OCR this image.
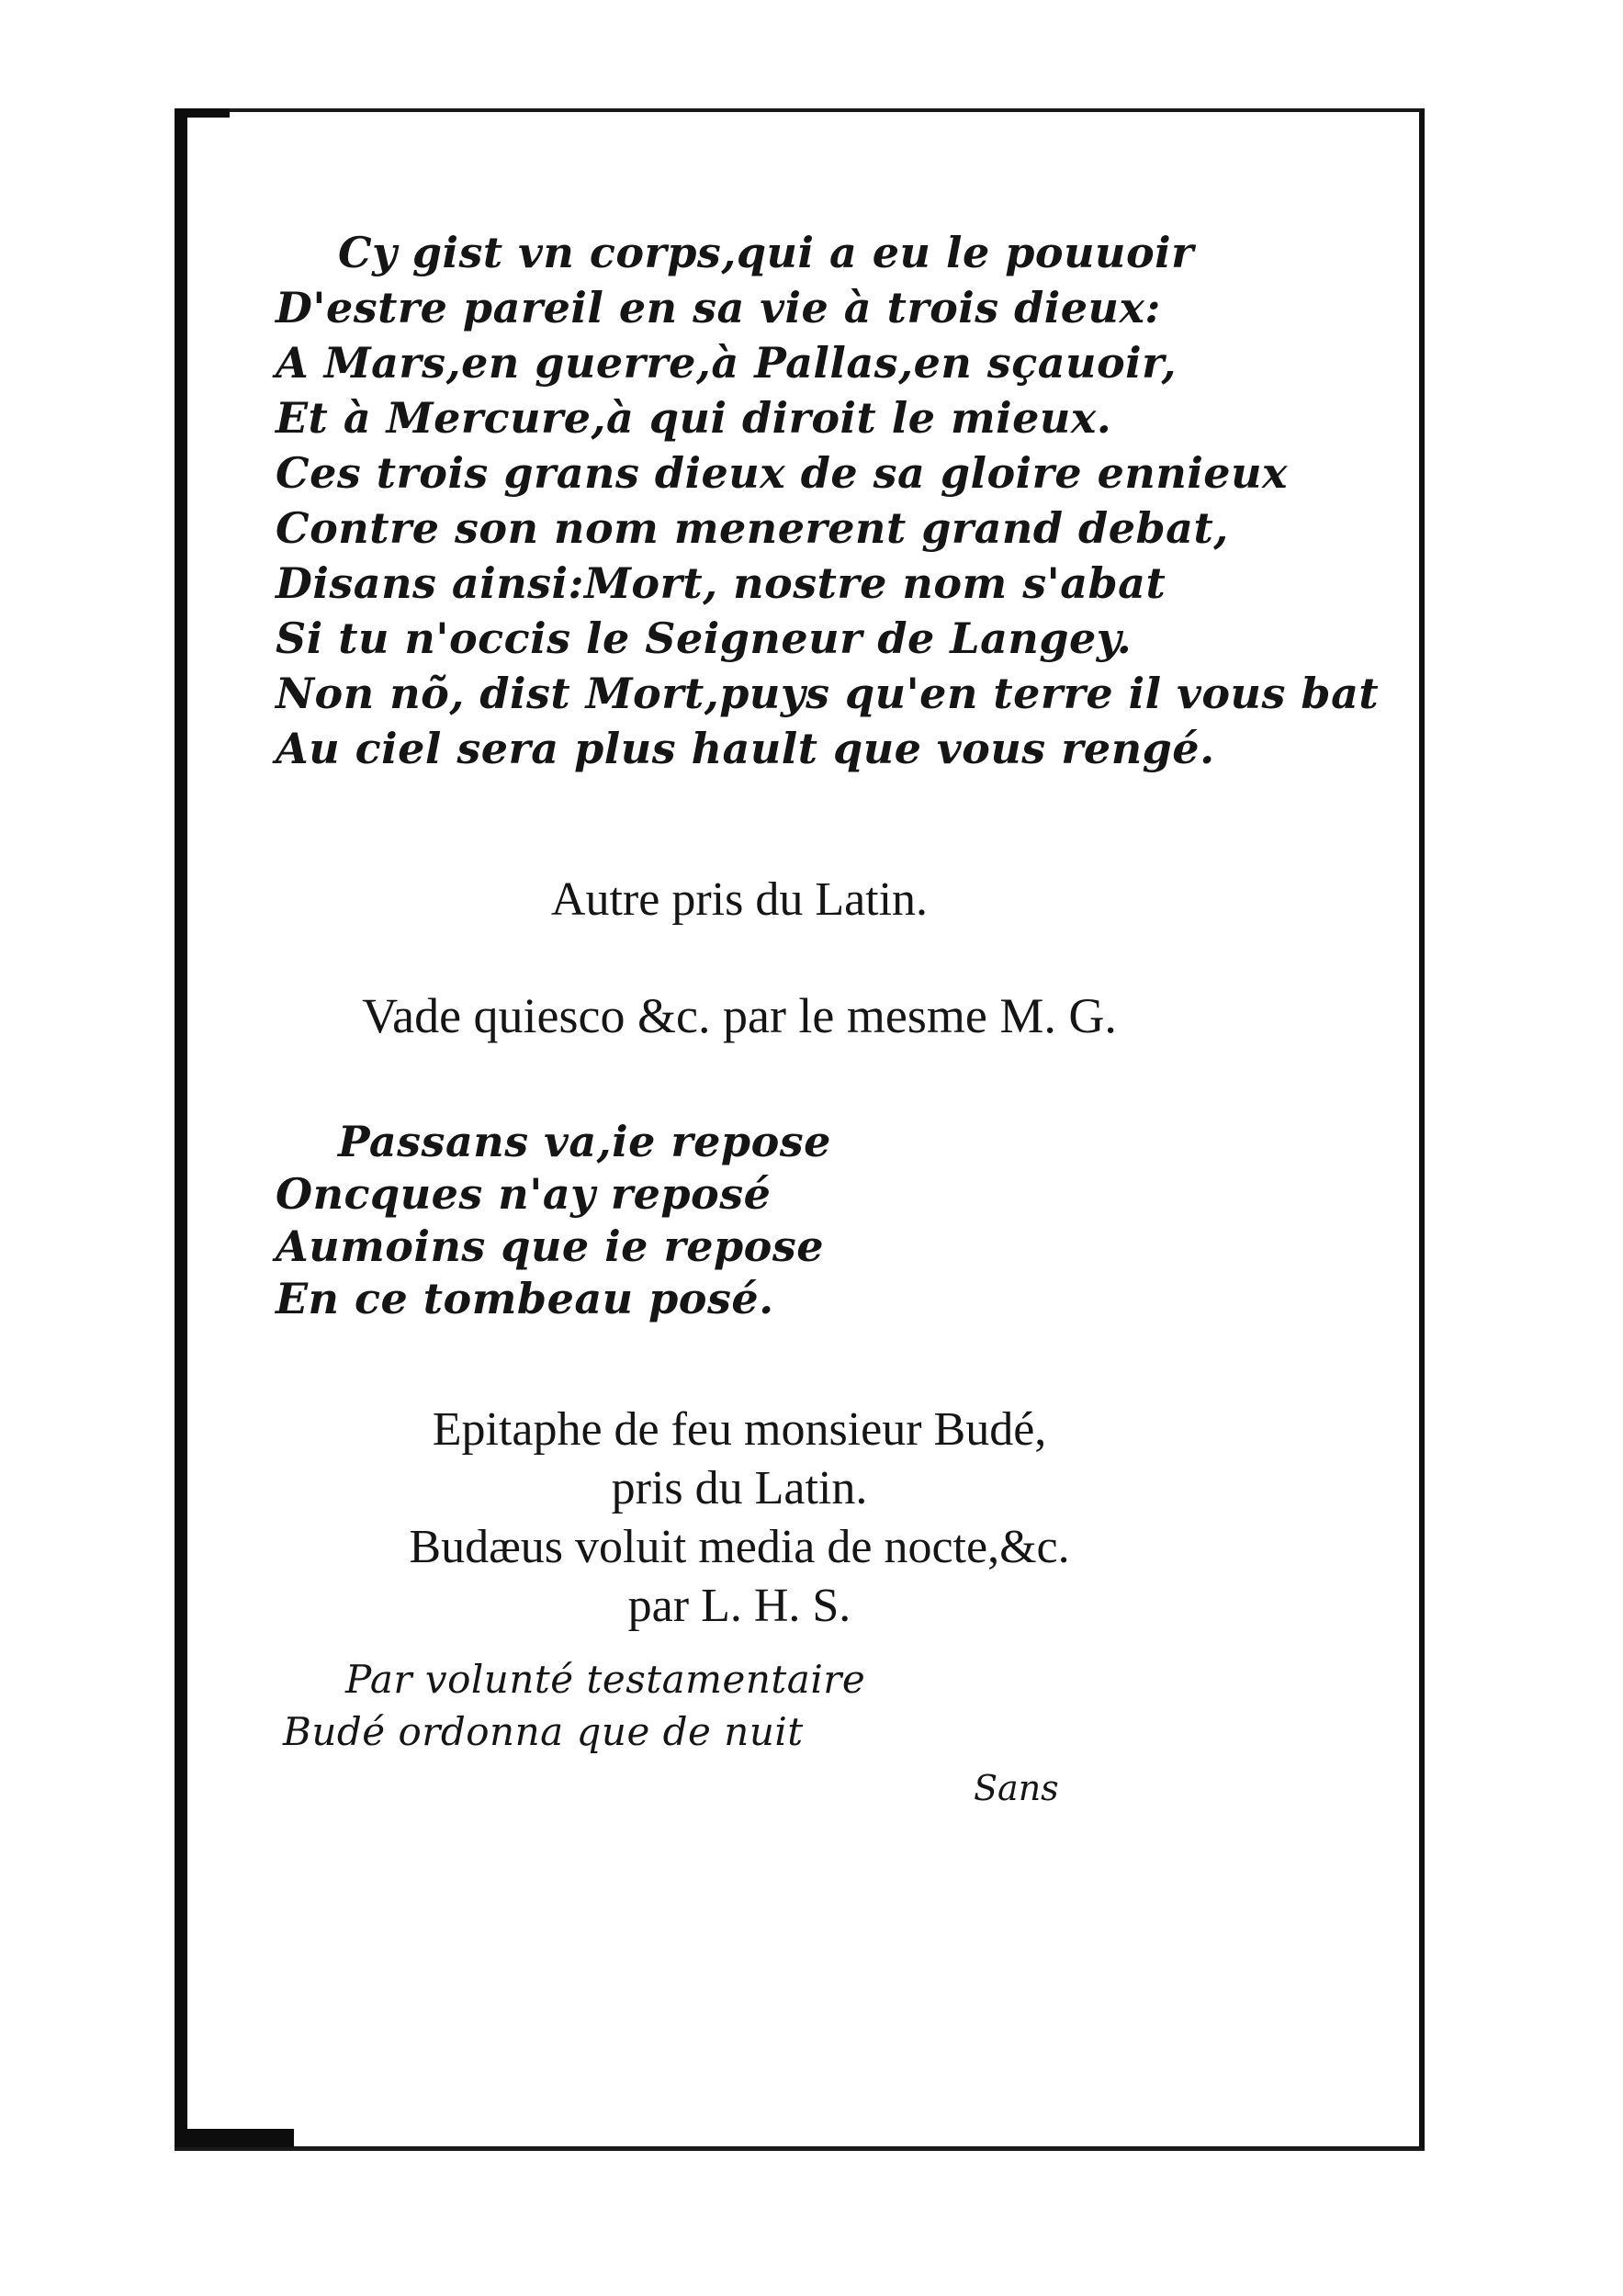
Cy gist vn corps,qui a eu le pouuoir
D'estre pareil en sa vie à trois dieux:
A Mars,en guerre,à Pallas,en sçauoir,
Et à Mercure,à qui diroit le mieux.
Ces trois grans dieux de sa gloire ennieux
Contre son nom menerent grand debat,
Disans ainsi:Mort, nostre nom s'abat
Si tu n'occis le Seigneur de Langey.
Non nõ, dist Mort,puys qu'en terre il vous bat
Au ciel sera plus hault que vous rengé.
Autre pris du Latin.
Vade quiescо &c. par le mesme M. G.
Passans va,ie repose
Oncques n'ay reposé
Aumoins que ie repose
En ce tombeau posé.
Epitaphe de feu monsieur Budé,
pris du Latin.
Budæus voluit media de nocte,&c.
par L. H. S.
Par volunté testamentaire
Budé ordonna que de nuit
Sans
